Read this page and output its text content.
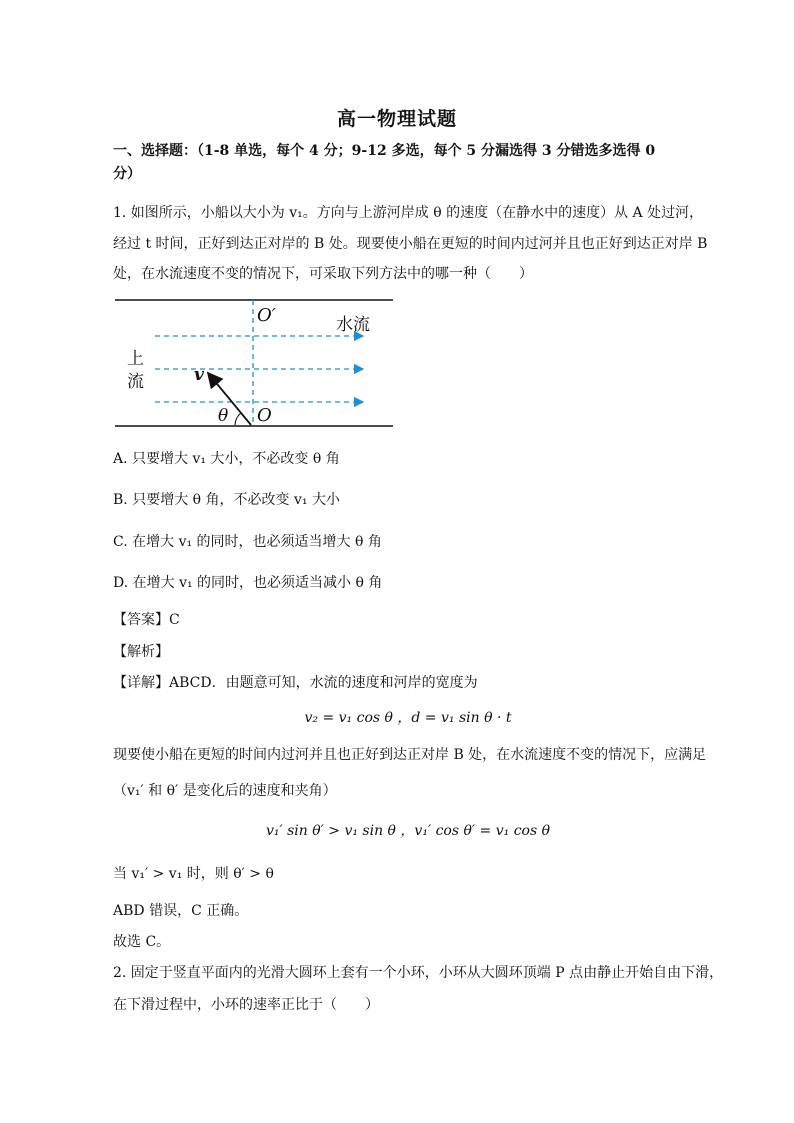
高一物理试题
一、选择题：（1-8 单选，每个 4 分；9-12 多选，每个 5 分漏选得 3 分错选多选得 0
分）
1. 如图所示，小船以大小为 v₁。方向与上游河岸成 θ 的速度（在静水中的速度）从 A 处过河，
经过 t 时间，正好到达正对岸的 B 处。现要使小船在更短的时间内过河并且也正好到达正对岸 B
处，在水流速度不变的情况下，可采取下列方法中的哪一种（　　）
O′	水流
上
流	v
θ O
A. 只要增大 v₁ 大小，不必改变 θ 角
B. 只要增大 θ 角，不必改变 v₁ 大小
C. 在增大 v₁ 的同时，也必须适当增大 θ 角
D. 在增大 v₁ 的同时，也必须适当减小 θ 角
【答案】C
【解析】
【详解】ABCD．由题意可知，水流的速度和河岸的宽度为
v₂ = v₁ cos θ ，d = v₁ sin θ · t
现要使小船在更短的时间内过河并且也正好到达正对岸 B 处，在水流速度不变的情况下，应满足
（v₁′ 和 θ′ 是变化后的速度和夹角）
v₁′ sin θ′ > v₁ sin θ ，v₁′ cos θ′ = v₁ cos θ
当 v₁′ > v₁ 时，则 θ′ > θ
ABD 错误，C 正确。
故选 C。
2. 固定于竖直平面内的光滑大圆环上套有一个小环，小环从大圆环顶端 P 点由静止开始自由下滑，
在下滑过程中，小环的速率正比于（　　）
